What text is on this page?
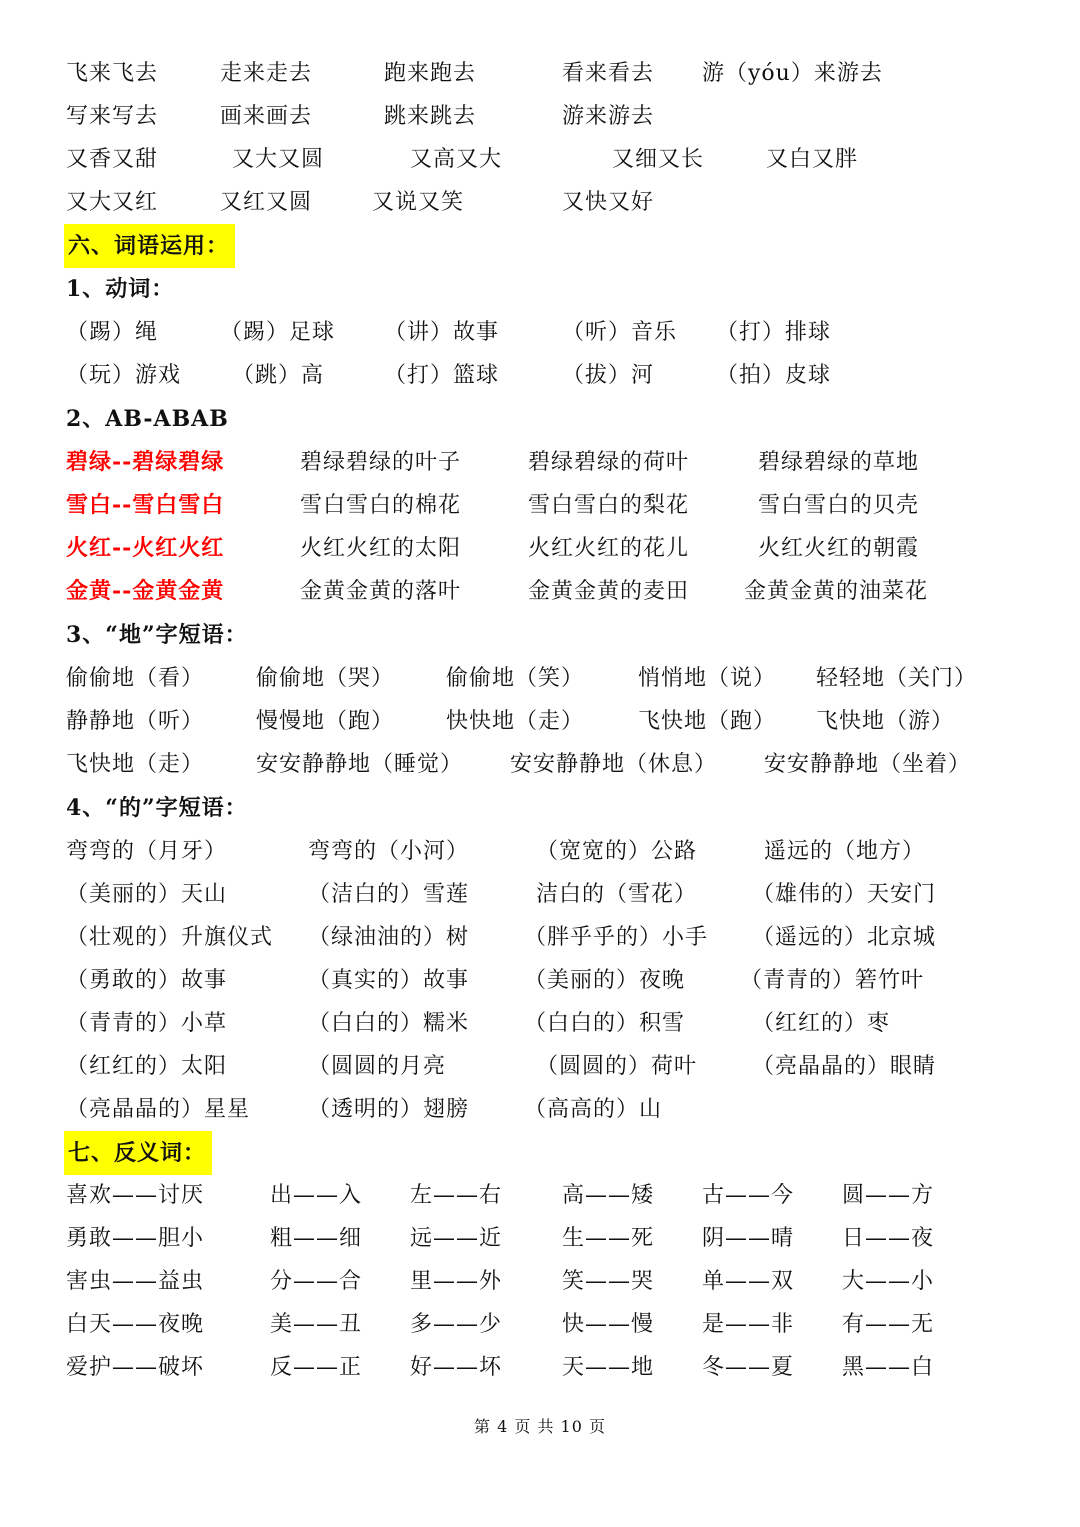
飞来飞去	走来走去	跑来跑去	看来看去 游（yóu）来游去
写来写去	画来画去	跳来跳去	游来游去
又香又甜	又大又圆	又高又大	又细又长	又白又胖
又大又红	又红又圆	又说又笑	又快又好
六、词语运用：
1、动词：
（踢）绳	（踢）足球 （讲）故事	（听）音乐 （打）排球
（玩）游戏 （跳）高	（打）篮球	（拔）河	（拍）皮球
2、AB-ABAB
碧绿--碧绿碧绿	碧绿碧绿的叶子	碧绿碧绿的荷叶	碧绿碧绿的草地
雪白--雪白雪白	雪白雪白的棉花	雪白雪白的梨花	雪白雪白的贝壳
火红--火红火红	火红火红的太阳	火红火红的花儿	火红火红的朝霞
金黄--金黄金黄	金黄金黄的落叶	金黄金黄的麦田 金黄金黄的油菜花
3、“地”字短语：
偷偷地（看） 偷偷地（哭） 偷偷地（笑） 悄悄地（说） 轻轻地（关门）
静静地（听） 慢慢地（跑） 快快地（走） 飞快地（跑） 飞快地（游）
飞快地（走） 安安静静地（睡觉） 安安静静地（休息） 安安静静地（坐着）
4、“的”字短语：
弯弯的（月牙）	弯弯的（小河）	（宽宽的）公路	遥远的（地方）
（美丽的）天山	（洁白的）雪莲	洁白的（雪花） （雄伟的）天安门
（壮观的）升旗仪式 （绿油油的）树 （胖乎乎的）小手 （遥远的）北京城
（勇敢的）故事	（真实的）故事 （美丽的）夜晚 （青青的）箬竹叶
（青青的）小草	（白白的）糯米 （白白的）积雪	（红红的）枣
（红红的）太阳	（圆圆的月亮	（圆圆的）荷叶 （亮晶晶的）眼睛
（亮晶晶的）星星	（透明的）翅膀 （高高的）山
七、反义词：
喜欢——讨厌	出——入 左——右	高——矮 古——今 圆——方
勇敢——胆小	粗——细 远——近	生——死 阴——晴 日——夜
害虫——益虫	分——合 里——外	笑——哭 单——双 大——小
白天——夜晚	美——丑 多——少	快——慢 是——非 有——无
爱护——破坏	反——正 好——坏	天——地 冬——夏 黑——白
第 4 页 共 10 页
